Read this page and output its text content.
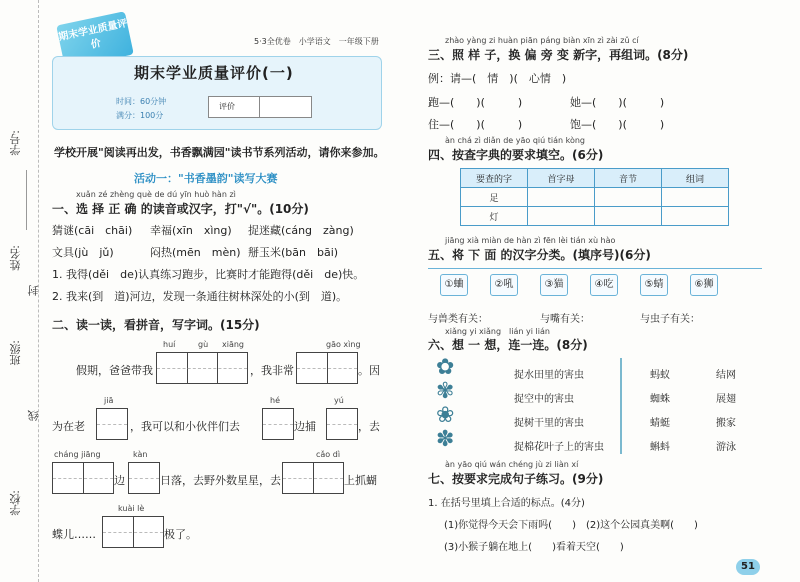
学号:
姓名:
封
班级:
线
学校:
期末学业质量评价	5·3全优卷　小学语文　一年级下册
期末学业质量评价(一)
时间：60分钟
满分：100分
评价
学校开展"阅读再出发，书香飘满园"读书节系列活动，请你来参加。
活动一："书香墨韵"读写大赛
xuǎn zé zhèng què de dú yīn huò hàn zì
一、选 择 正 确 的读音或汉字，打"√"。(10分)
猜谜(cāi　chāi) 幸福(xīn　xìng) 捉迷藏(cáng　zàng)
文具(jù　jǔ)	闷热(mēn　mèn) 掰玉米(bān　bāi)
1. 我得(děi　de)认真练习跑步，比赛时才能跑得(děi　de)快。
2. 我来(到　道)河边，发现一条通往树林深处的小(到　道)。
二、读一读，看拼音，写字词。(15分)
huí	gù xiāng	gāo xìng
假期，爸爸带我	，我非常	。因
jiā	hé	yú
为在老	，我可以和小伙伴们去	边捕	，去
cháng jiāng	kàn	cǎo dì
边	日落，去野外数星星，去	上抓蝴
kuài lè
蝶儿……	极了。
zhào yàng zi huàn piān páng biàn xīn zì zài zǔ cí
三、照 样 子，换 偏 旁 变 新字，再组词。(8分)
例：请—(　情　)(　心情　)
跑—(　　)(　　　)	她—(　　)(　　　)
住—(　　)(　　　)	饱—(　　)(　　　)
àn chá zì diǎn de yāo qiú tián kòng
四、按查字典的要求填空。(6分)
要查的字	首字母	音节	组词
足			
灯			
jiāng xià miàn de hàn zì fēn lèi tián xù hào
五、将 下 面 的汉字分类。(填序号)(6分)
①蛐	②吼	③猫	④吃	⑤蜻	⑥狮
与兽类有关：	与嘴有关：	与虫子有关：
xiǎng yi xiǎng　lián yi lián
六、想 一 想，连一连。(8分)
✿
✾
❀
✽
捉水田里的害虫
捉空中的害虫
捉树干里的害虫
捉棉花叶子上的害虫
蚂蚁
蜘蛛
蜻蜓
蝌蚪
结网
展翅
搬家
游泳
àn yāo qiú wán chéng jù zi liàn xí
七、按要求完成句子练习。(9分)
1. 在括号里填上合适的标点。(4分)
(1)你觉得今天会下雨吗(　　)　(2)这个公园真美啊(　　)
(3)小猴子躺在地上(　　)看着天空(　　)
51
